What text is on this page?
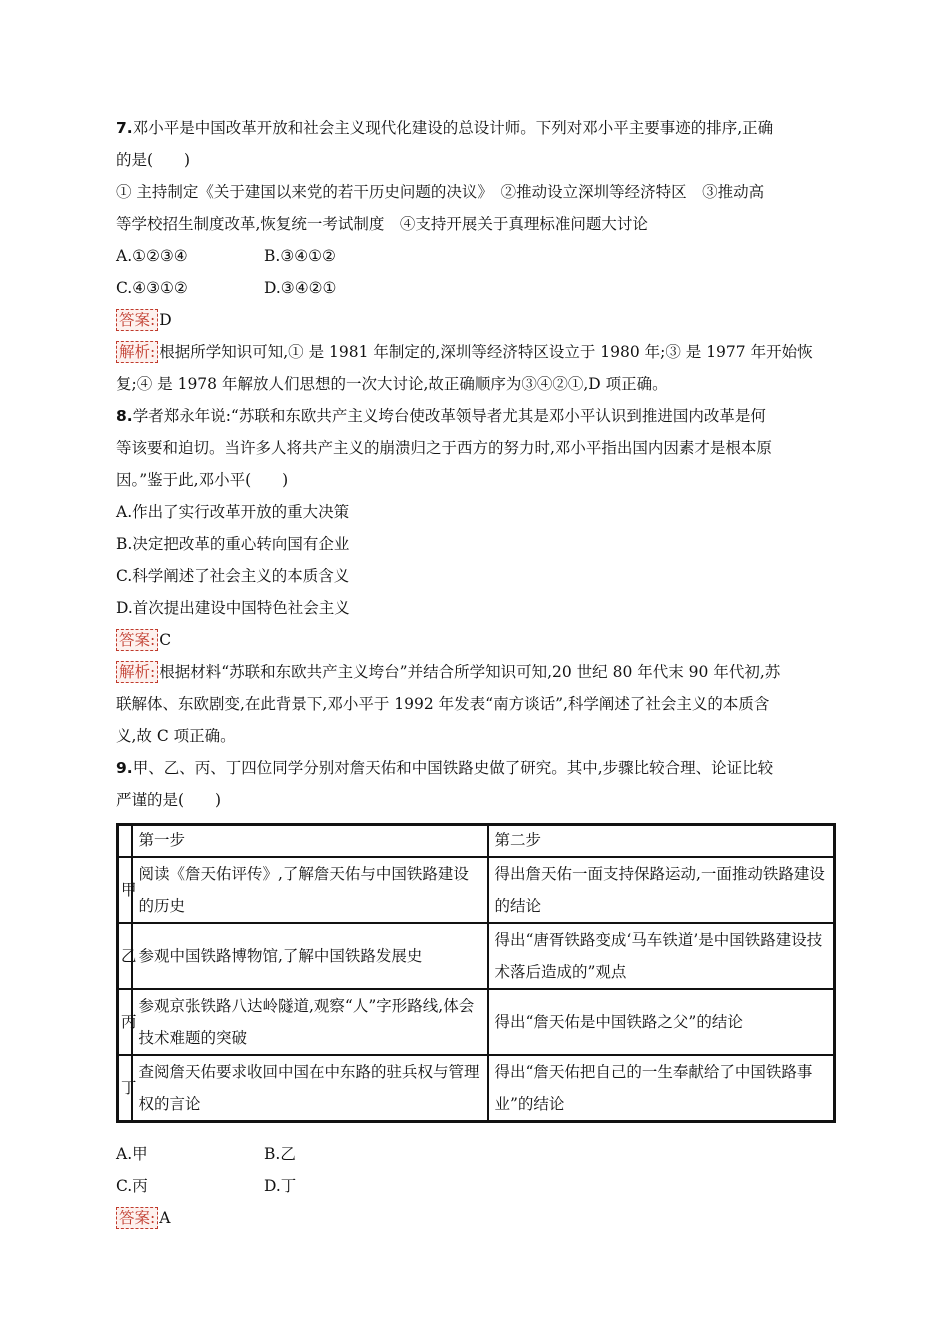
7.邓小平是中国改革开放和社会主义现代化建设的总设计师。下列对邓小平主要事迹的排序,正确
的是(　　)
① 主持制定《关于建国以来党的若干历史问题的决议》　②推动设立深圳等经济特区　③推动高
等学校招生制度改革,恢复统一考试制度　④支持开展关于真理标准问题大讨论
A.①②③④	B.③④①②
C.④③①②	D.③④②①
答案: D
解析: 根据所学知识可知,① 是 1981 年制定的,深圳等经济特区设立于 1980 年;③ 是 1977 年开始恢
复;④ 是 1978 年解放人们思想的一次大讨论,故正确顺序为③④②①,D 项正确。
8.学者郑永年说:“苏联和东欧共产主义垮台使改革领导者尤其是邓小平认识到推进国内改革是何
等该要和迫切。当许多人将共产主义的崩溃归之于西方的努力时,邓小平指出国内因素才是根本原
因。”鉴于此,邓小平(　　)
A.作出了实行改革开放的重大决策
B.决定把改革的重心转向国有企业
C.科学阐述了社会主义的本质含义
D.首次提出建设中国特色社会主义
答案: C
解析: 根据材料“苏联和东欧共产主义垮台”并结合所学知识可知,20 世纪 80 年代末 90 年代初,苏
联解体、东欧剧变,在此背景下,邓小平于 1992 年发表“南方谈话”,科学阐述了社会主义的本质含
义,故 C 项正确。
9.甲、乙、丙、丁四位同学分别对詹天佑和中国铁路史做了研究。其中,步骤比较合理、论证比较
严谨的是(　　)
	第一步	第二步
甲	阅读《詹天佑评传》,了解詹天佑与中国铁路建设的历史	得出詹天佑一面支持保路运动,一面推动铁路建设的结论
乙	参观中国铁路博物馆,了解中国铁路发展史	得出“唐胥铁路变成‘马车铁道’是中国铁路建设技术落后造成的”观点
丙	参观京张铁路八达岭隧道,观察“人”字形路线,体会技术难题的突破	得出“詹天佑是中国铁路之父”的结论
丁	查阅詹天佑要求收回中国在中东路的驻兵权与管理权的言论	得出“詹天佑把自己的一生奉献给了中国铁路事业”的结论
A.甲	B.乙
C.丙	D.丁
答案: A
